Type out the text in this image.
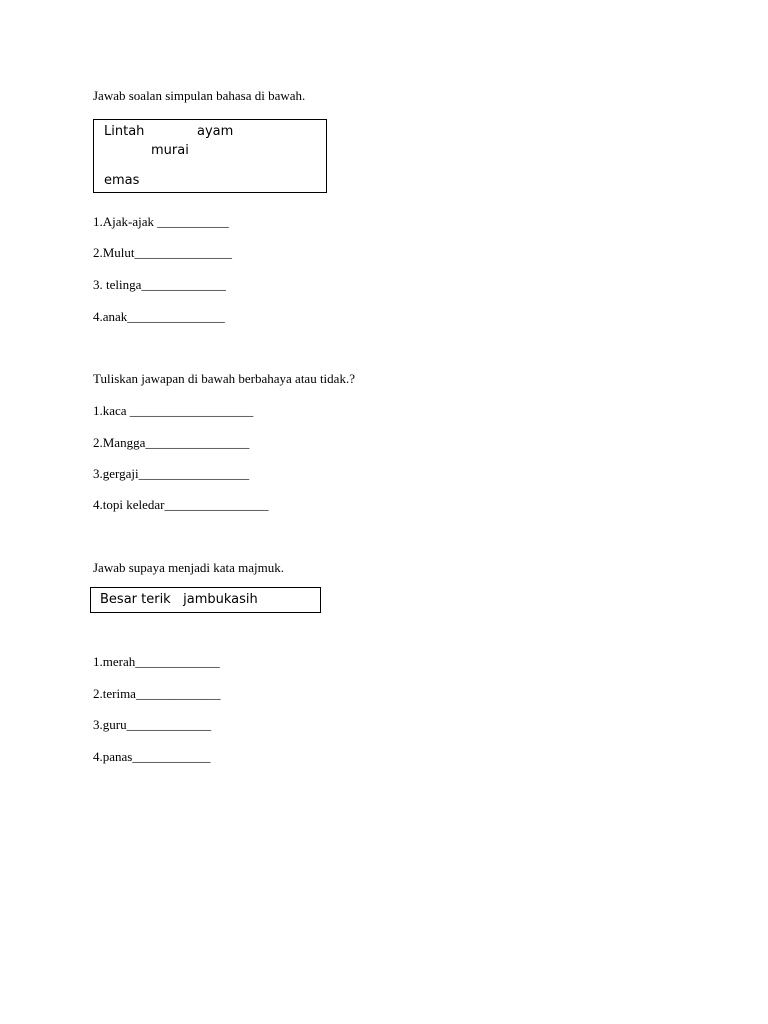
Jawab soalan simpulan bahasa di bawah.
Lintah	ayam
murai
emas
1.Ajak-ajak ___________
2.Mulut_______________
3. telinga_____________
4.anak_______________
Tuliskan jawapan di bawah berbahaya atau tidak.?
1.kaca ___________________
2.Mangga________________
3.gergaji_________________
4.topi keledar________________
Jawab supaya menjadi kata majmuk.
Besar terik   jambukasih
1.merah_____________
2.terima_____________
3.guru_____________
4.panas____________
